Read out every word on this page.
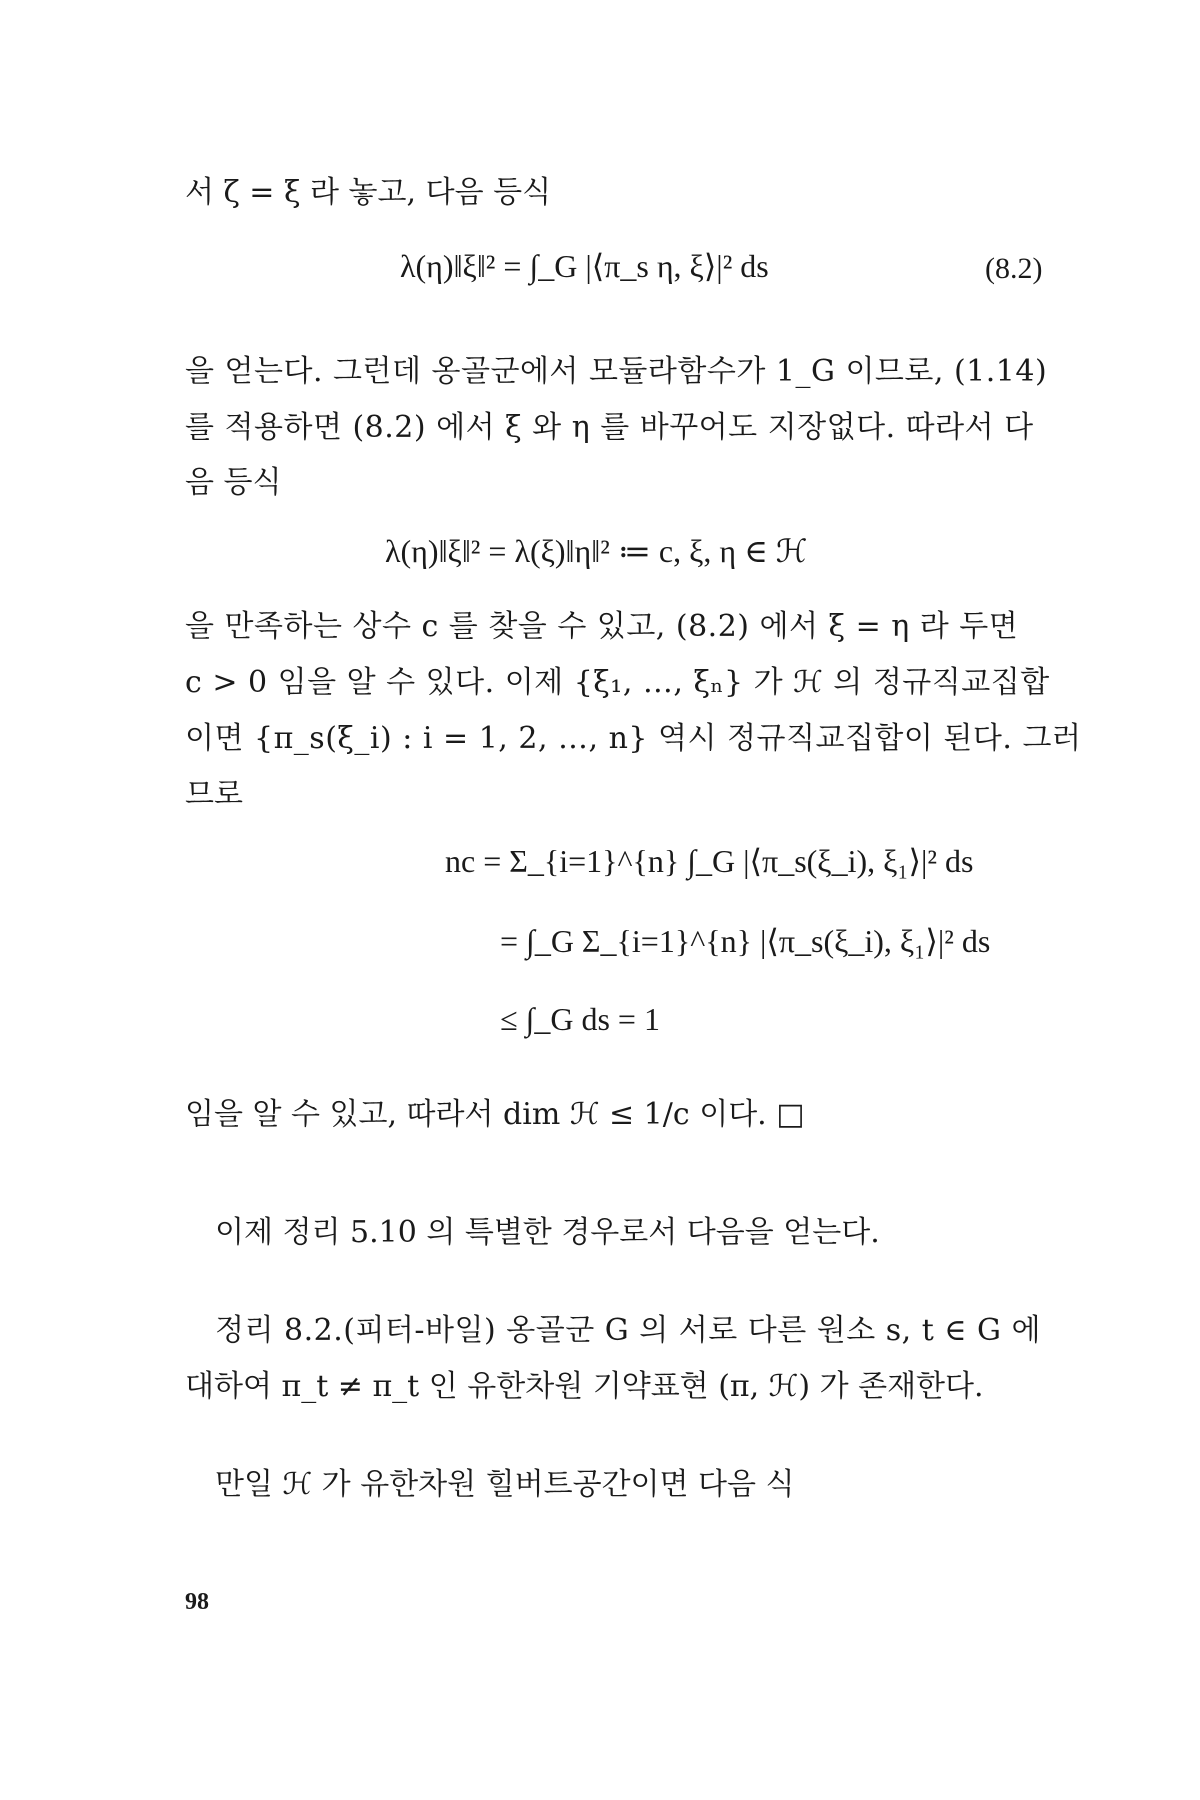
서 ζ = ξ 라 놓고, 다음 등식
λ(η)‖ξ‖² = ∫_G |⟨π_s η, ξ⟩|² ds	(8.2)
을 얻는다. 그런데 옹골군에서 모듈라함수가 1_G 이므로, (1.14)
를 적용하면 (8.2) 에서 ξ 와 η 를 바꾸어도 지장없다. 따라서 다
음 등식
λ(η)‖ξ‖² = λ(ξ)‖η‖² ≔ c, ξ, η ∈ ℋ
을 만족하는 상수 c 를 찾을 수 있고, (8.2) 에서 ξ = η 라 두면
c > 0 임을 알 수 있다. 이제 {ξ₁, …, ξₙ} 가 ℋ 의 정규직교집합
이면 {π_s(ξ_i) : i = 1, 2, …, n} 역시 정규직교집합이 된다. 그러
므로
nc = Σ_{i=1}^{n} ∫_G |⟨π_s(ξ_i), ξ₁⟩|² ds
= ∫_G Σ_{i=1}^{n} |⟨π_s(ξ_i), ξ₁⟩|² ds
≤ ∫_G ds = 1
임을 알 수 있고, 따라서 dim ℋ ≤ 1/c 이다. □
이제 정리 5.10 의 특별한 경우로서 다음을 얻는다.
정리 8.2.(피터-바일) 옹골군 G 의 서로 다른 원소 s, t ∈ G 에
대하여 π_t ≠ π_t 인 유한차원 기약표현 (π, ℋ) 가 존재한다.
만일 ℋ 가 유한차원 힐버트공간이면 다음 식
98
